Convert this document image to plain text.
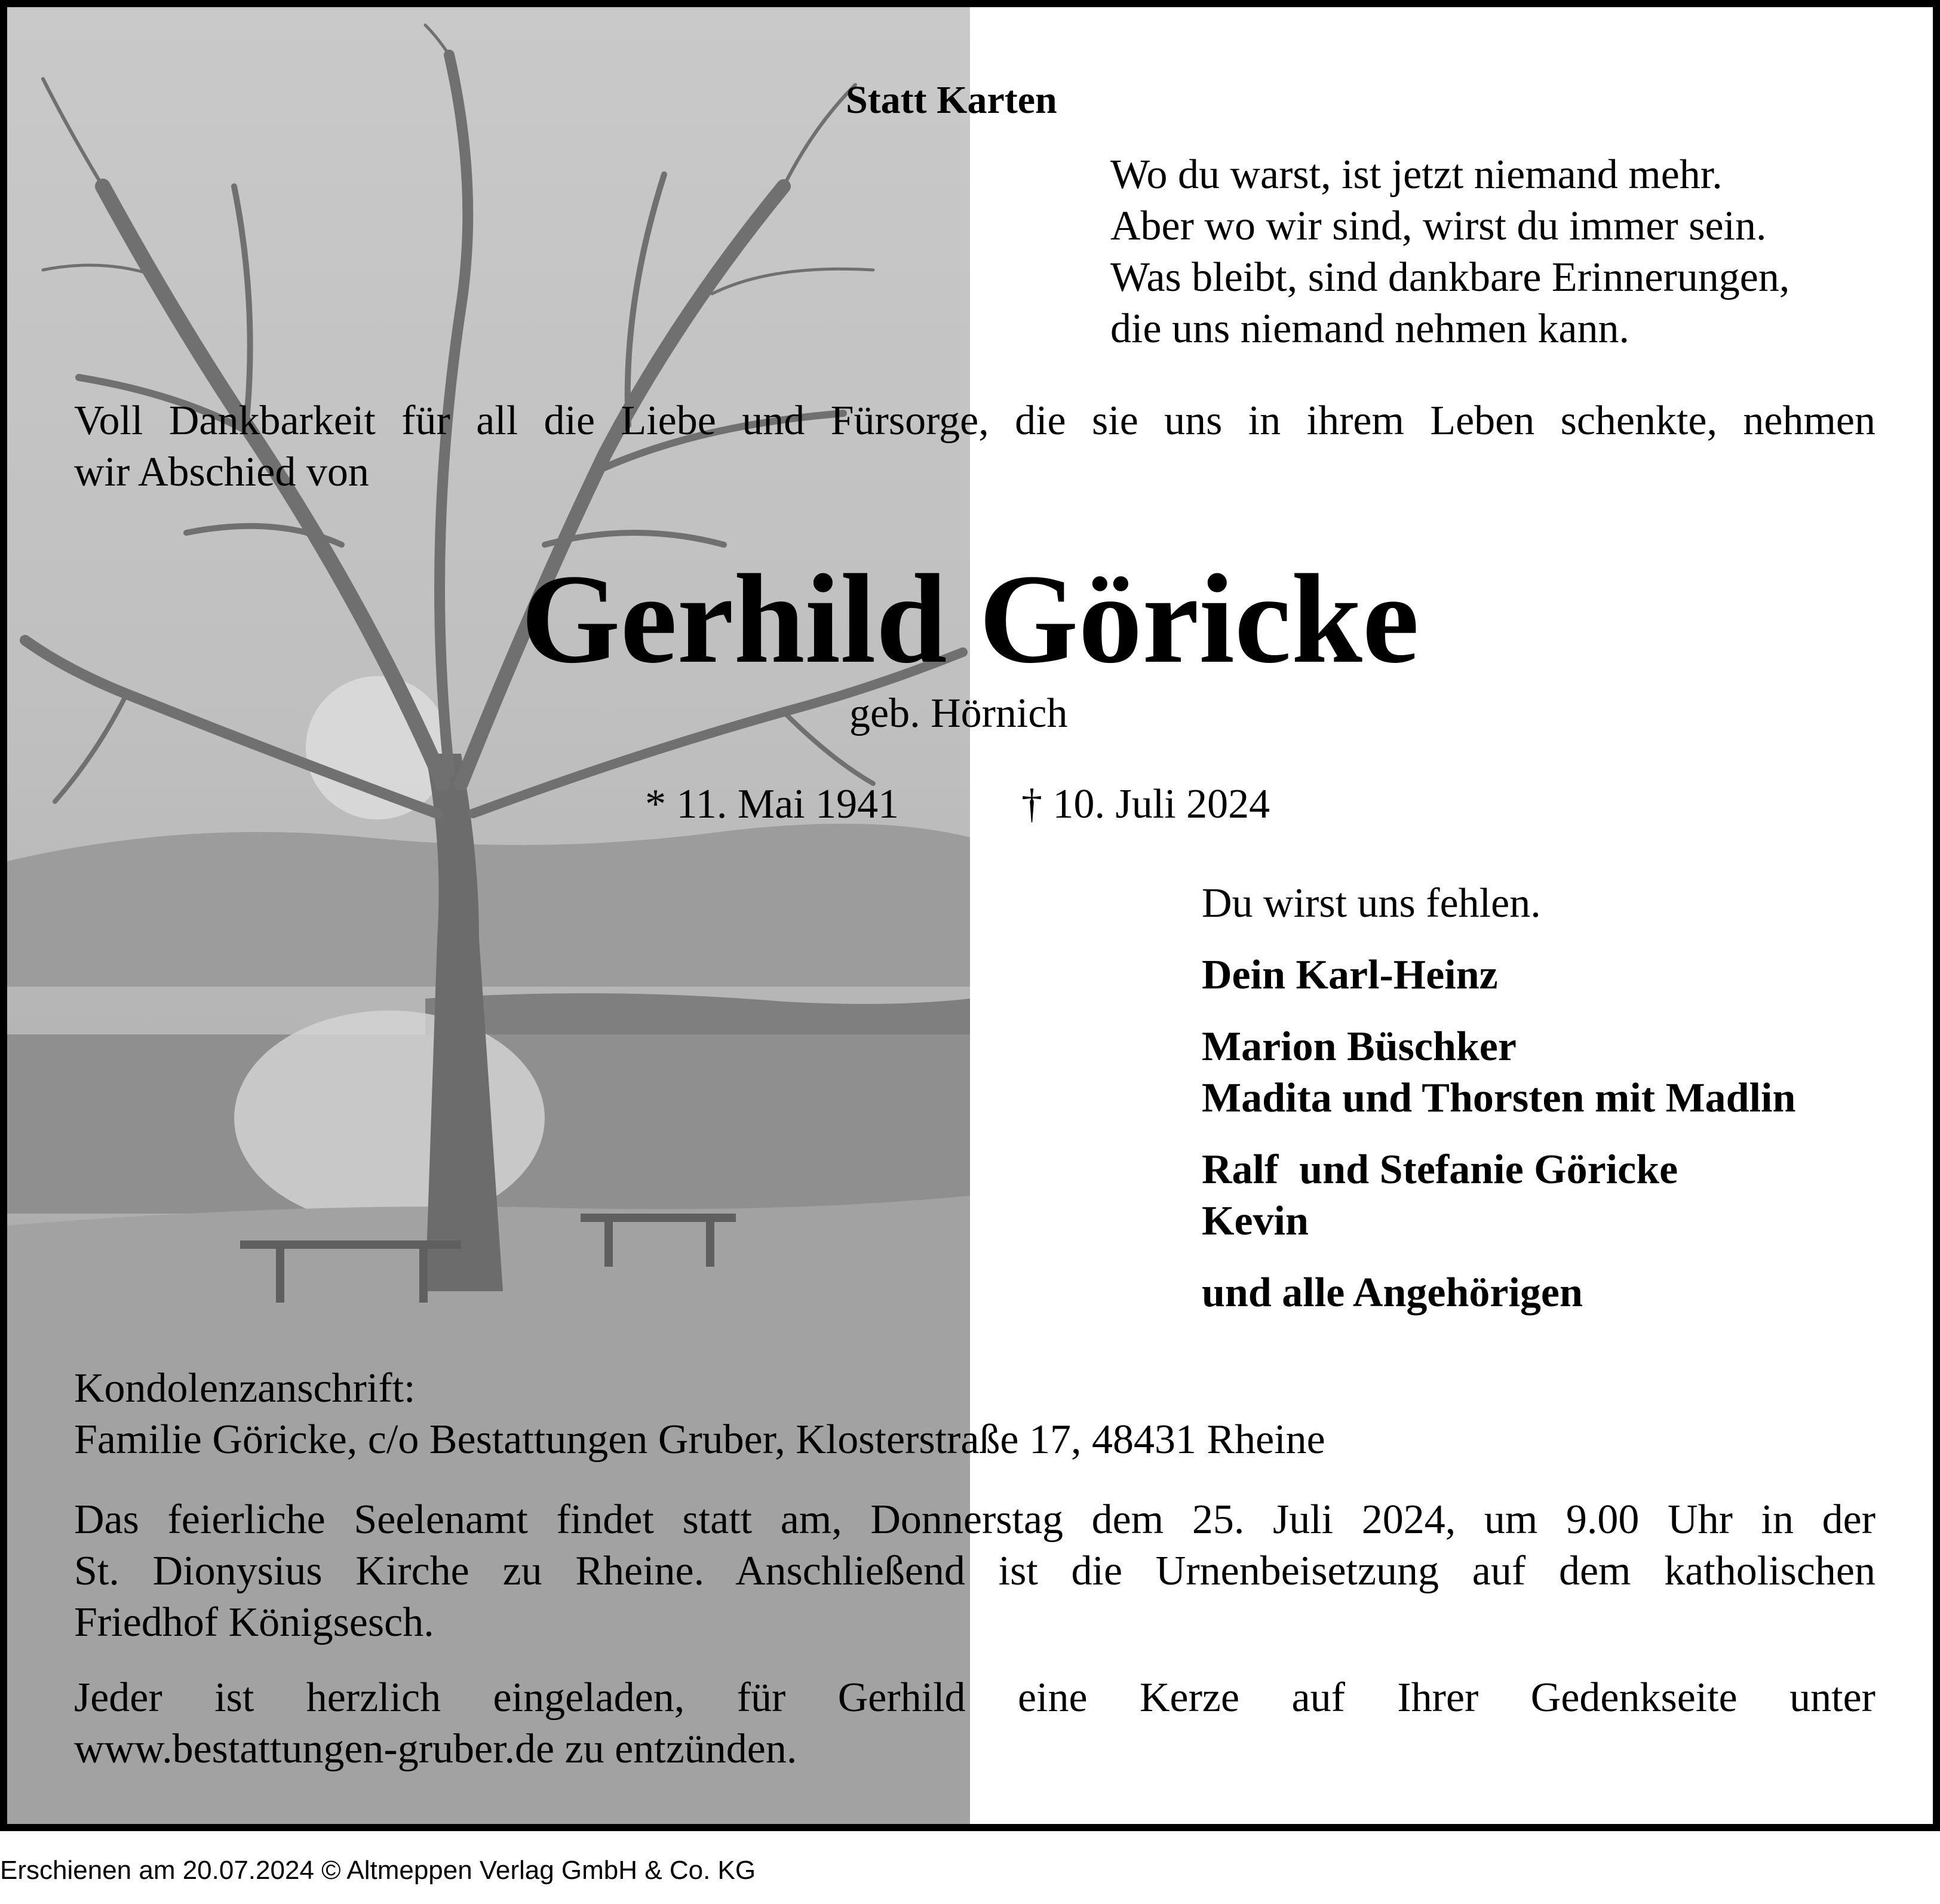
Statt Karten
Wo du warst, ist jetzt niemand mehr.
Aber wo wir sind, wirst du immer sein.
Was bleibt, sind dankbare Erinnerungen,
die uns niemand nehmen kann.
Voll Dankbarkeit für all die Liebe und Fürsorge, die sie uns in ihrem Leben schenkte, nehmen
wir Abschied von
Gerhild Göricke
geb. Hörnich
* 11. Mai 1941	† 10. Juli 2024
Du wirst uns fehlen.
Dein Karl-Heinz
Marion Büschker
Madita und Thorsten mit Madlin
Ralf  und Stefanie Göricke
Kevin
und alle Angehörigen
Kondolenzanschrift:
Familie Göricke, c/o Bestattungen Gruber, Klosterstraße 17, 48431 Rheine
Das feierliche Seelenamt findet statt am, Donnerstag dem 25. Juli 2024, um 9.00 Uhr in der
St. Dionysius Kirche zu Rheine. Anschließend ist die Urnenbeisetzung auf dem katholischen
Friedhof Königsesch.
Jeder ist herzlich eingeladen, für Gerhild eine Kerze auf Ihrer Gedenkseite unter
www.bestattungen-gruber.de zu entzünden.
Erschienen am 20.07.2024 © Altmeppen Verlag GmbH & Co. KG
